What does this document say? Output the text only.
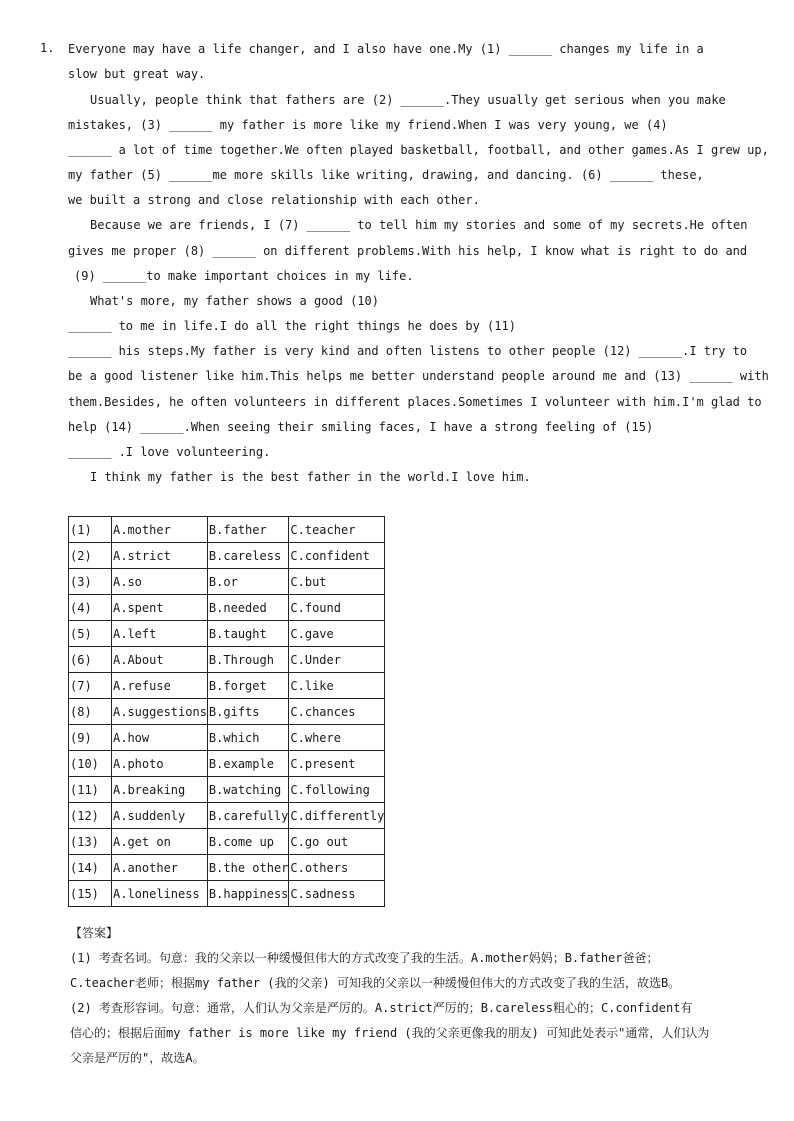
1. Everyone may have a life changer, and I also have one.My (1) ______ changes my life in a
slow but great way.
Usually, people think that fathers are (2) ______.They usually get serious when you make
mistakes, (3) ______ my father is more like my friend.When I was very young, we (4)
______ a lot of time together.We often played basketball, football, and other games.As I grew up,
my father (5) ______me more skills like writing, drawing, and dancing. (6) ______ these,
we built a strong and close relationship with each other.
Because we are friends, I (7) ______ to tell him my stories and some of my secrets.He often
gives me proper (8) ______ on different problems.With his help, I know what is right to do and
(9) ______to make important choices in my life.
What's more, my father shows a good (10)
______ to me in life.I do all the right things he does by (11)
______ his steps.My father is very kind and often listens to other people (12) ______.I try to
be a good listener like him.This helps me better understand people around me and (13) ______ with
them.Besides, he often volunteers in different places.Sometimes I volunteer with him.I'm glad to
help (14) ______.When seeing their smiling faces, I have a strong feeling of (15)
______ .I love volunteering.
I think my father is the best father in the world.I love him.
(1)	A.mother	B.father	C.teacher
(2)	A.strict	B.careless	C.confident
(3)	A.so	B.or	C.but
(4)	A.spent	B.needed	C.found
(5)	A.left	B.taught	C.gave
(6)	A.About	B.Through	C.Under
(7)	A.refuse	B.forget	C.like
(8)	A.suggestions	B.gifts	C.chances
(9)	A.how	B.which	C.where
(10)	A.photo	B.example	C.present
(11)	A.breaking	B.watching	C.following
(12)	A.suddenly	B.carefully	C.differently
(13)	A.get on	B.come up	C.go out
(14)	A.another	B.the other	C.others
(15)	A.loneliness	B.happiness	C.sadness
【答案】
(1) 考查名词。句意：我的父亲以一种缓慢但伟大的方式改变了我的生活。A.mother妈妈；B.father爸爸；
C.teacher老师；根据my father (我的父亲) 可知我的父亲以一种缓慢但伟大的方式改变了我的生活，故选B。
(2) 考查形容词。句意：通常，人们认为父亲是严厉的。A.strict严厉的；B.careless粗心的；C.confident有
信心的；根据后面my father is more like my friend (我的父亲更像我的朋友) 可知此处表示"通常，人们认为
父亲是严厉的"，故选A。
